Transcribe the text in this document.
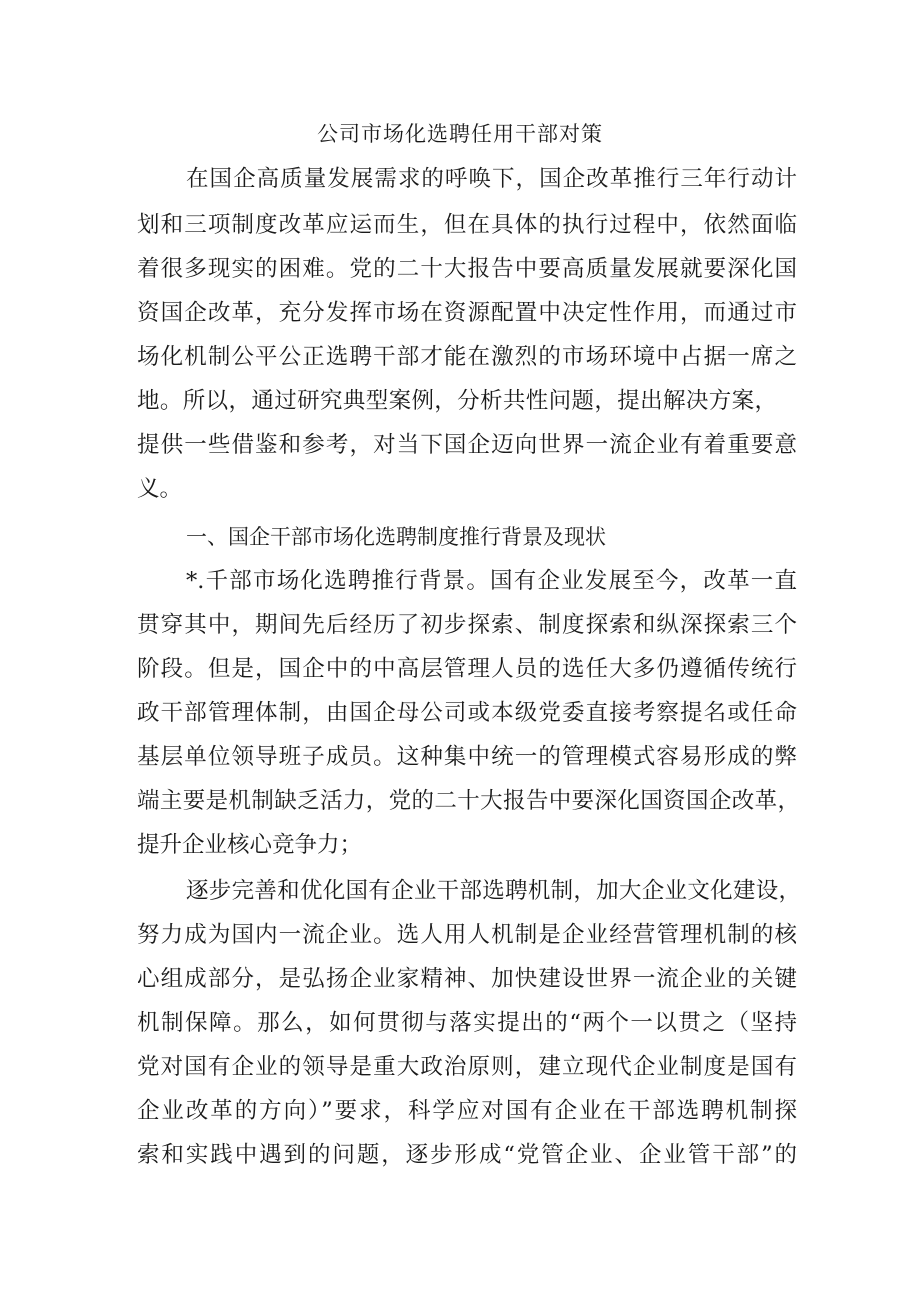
公司市场化选聘任用干部对策
在国企高质量发展需求的呼唤下，国企改革推行三年行动计
划和三项制度改革应运而生，但在具体的执行过程中，依然面临
着很多现实的困难。党的二十大报告中要高质量发展就要深化国
资国企改革，充分发挥市场在资源配置中决定性作用，而通过市
场化机制公平公正选聘干部才能在激烈的市场环境中占据一席之
地。所以，通过研究典型案例，分析共性问题，提出解决方案，
提供一些借鉴和参考，对当下国企迈向世界一流企业有着重要意
义。
一、国企干部市场化选聘制度推行背景及现状
*.千部市场化选聘推行背景。国有企业发展至今，改革一直
贯穿其中，期间先后经历了初步探索、制度探索和纵深探索三个
阶段。但是，国企中的中高层管理人员的选任大多仍遵循传统行
政干部管理体制，由国企母公司或本级党委直接考察提名或任命
基层单位领导班子成员。这种集中统一的管理模式容易形成的弊
端主要是机制缺乏活力，党的二十大报告中要深化国资国企改革，
提升企业核心竞争力；
逐步完善和优化国有企业干部选聘机制，加大企业文化建设，
努力成为国内一流企业。选人用人机制是企业经营管理机制的核
心组成部分，是弘扬企业家精神、加快建设世界一流企业的关键
机制保障。那么，如何贯彻与落实提出的“两个一以贯之（坚持
党对国有企业的领导是重大政治原则，建立现代企业制度是国有
企业改革的方向）”要求，科学应对国有企业在干部选聘机制探
索和实践中遇到的问题，逐步形成“党管企业、企业管干部”的
